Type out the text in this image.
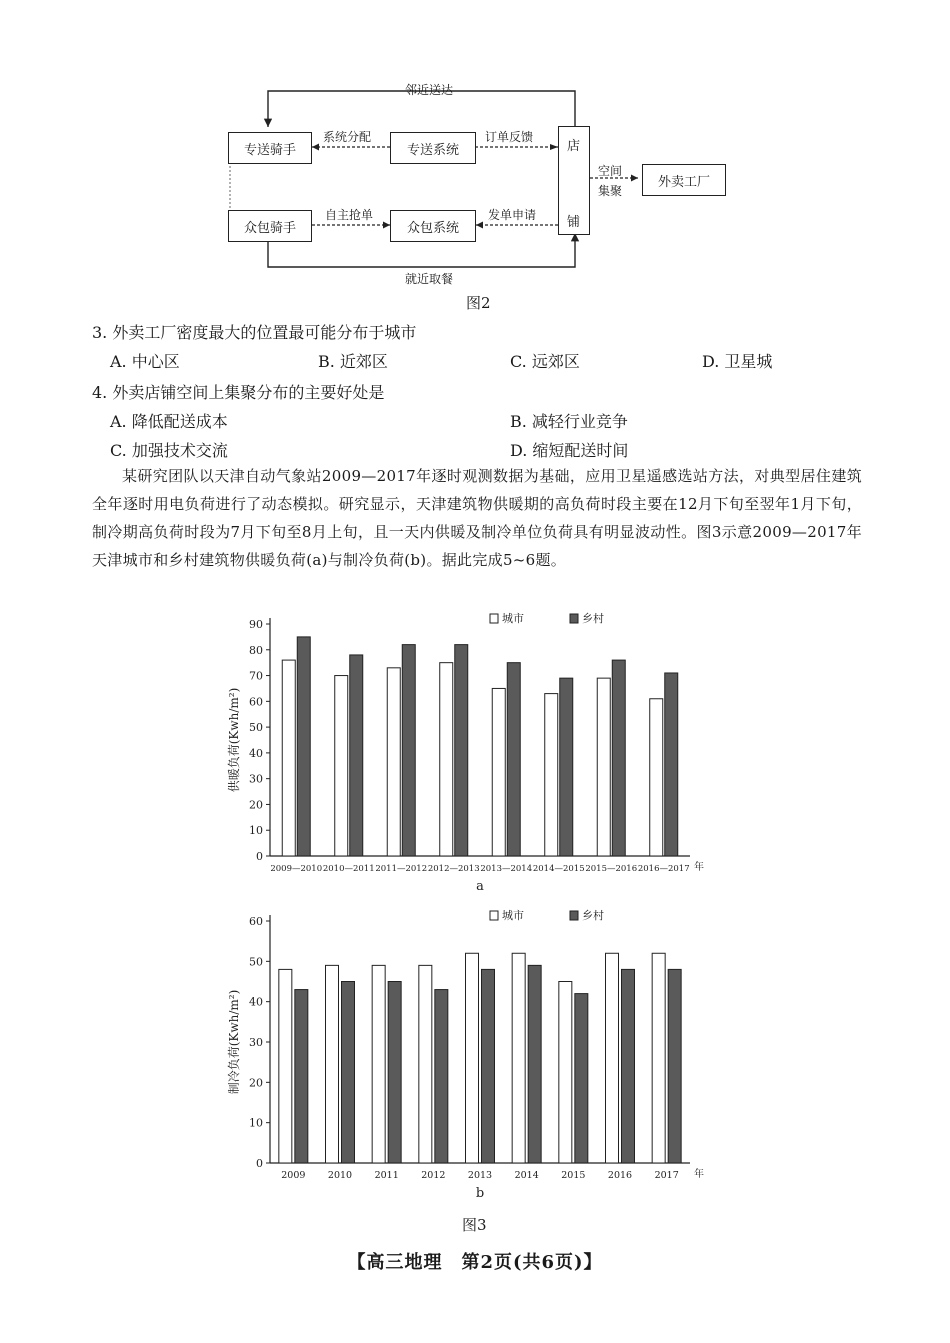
邻近送达
专送骑手
系统分配
专送系统
订单反馈
店
铺
空间
集聚
外卖工厂
众包骑手
自主抢单
众包系统
发单申请
就近取餐
图2
3. 外卖工厂密度最大的位置最可能分布于城市
A. 中心区	B. 近郊区	C. 远郊区	D. 卫星城
4. 外卖店铺空间上集聚分布的主要好处是
A. 降低配送成本	B. 减轻行业竞争
C. 加强技术交流	D. 缩短配送时间
某研究团队以天津自动气象站2009—2017年逐时观测数据为基础，应用卫星遥感选站方法，对典型居住建筑全年逐时用电负荷进行了动态模拟。研究显示，天津建筑物供暖期的高负荷时段主要在12月下旬至翌年1月下旬，制冷期高负荷时段为7月下旬至8月上旬，且一天内供暖及制冷单位负荷具有明显波动性。图3示意2009—2017年天津城市和乡村建筑物供暖负荷(a)与制冷负荷(b)。据此完成5~6题。
0
10
20
30
40
50
60
70
80
90
供暖负荷(Kwh/m²)
2009—2010 2010—2011 2011—2012 2012—2013 2013—2014 2014—2015 2015—2016 2016—2017 年
城市	乡村
a
0
10
20
30
40
50
60
制冷负荷(Kwh/m²)
2009 2010 2011 2012 2013 2014 2015 2016 2017 年
城市	乡村
b
图3
【高三地理　第2页(共6页)】
